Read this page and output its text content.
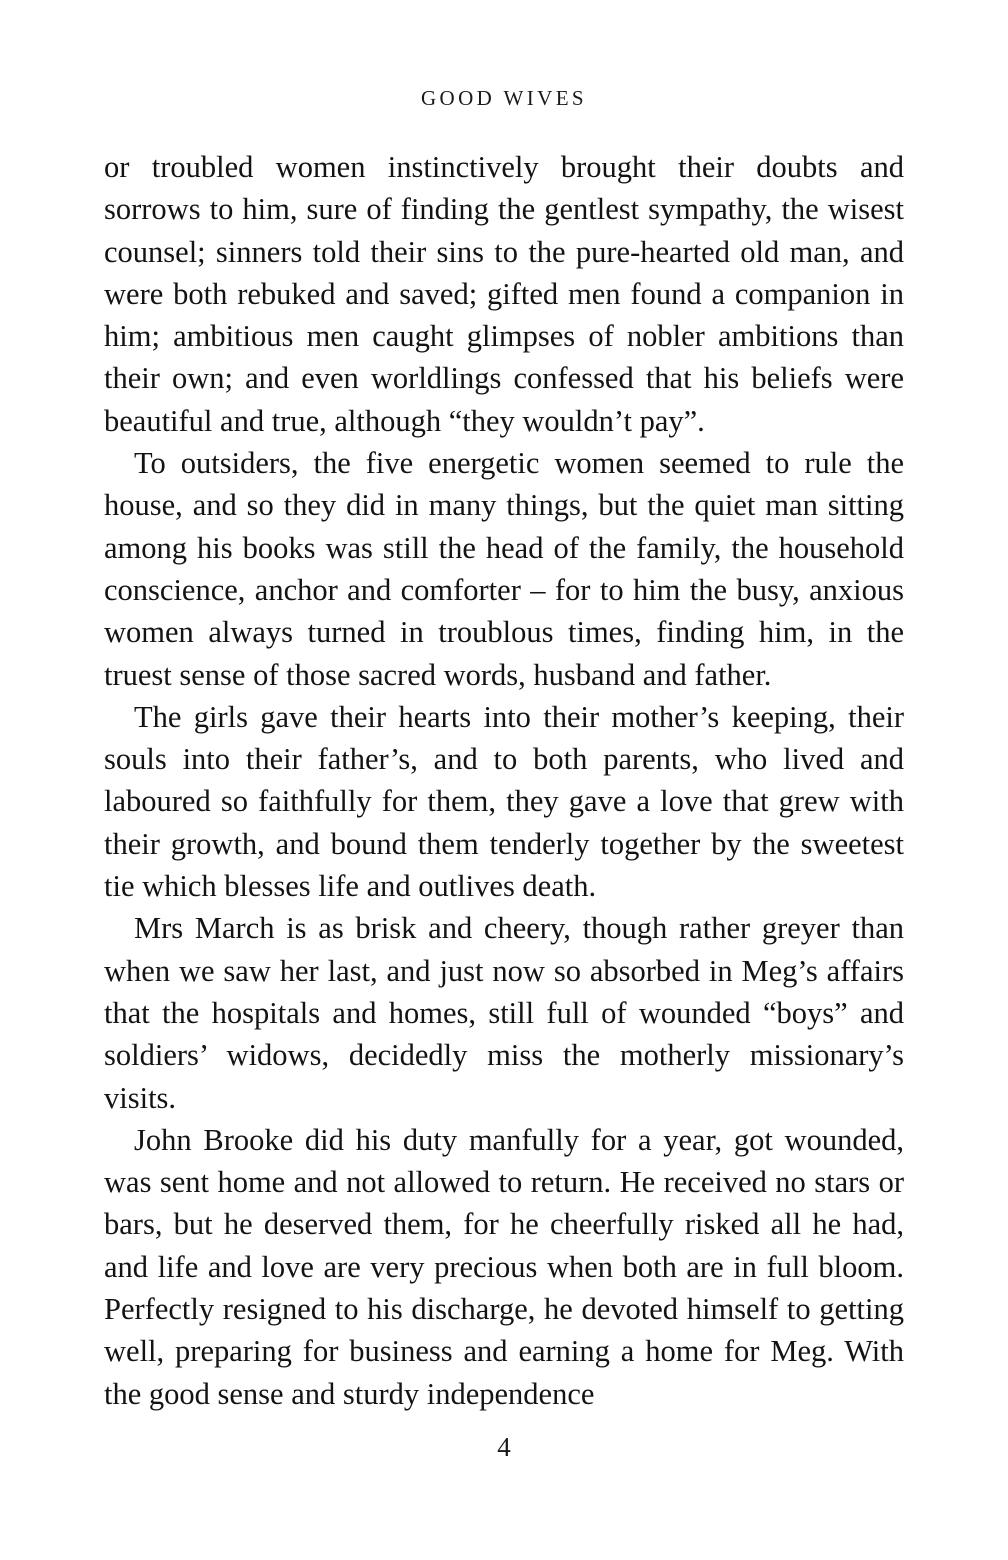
GOOD WIVES

or troubled women instinctively brought their doubts and sorrows to him, sure of finding the gentlest sympathy, the wisest counsel; sinners told their sins to the pure-hearted old man, and were both rebuked and saved; gifted men found a companion in him; ambitious men caught glimpses of nobler ambitions than their own; and even worldlings confessed that his beliefs were beautiful and true, although “they wouldn’t pay”.

To outsiders, the five energetic women seemed to rule the house, and so they did in many things, but the quiet man sitting among his books was still the head of the family, the household conscience, anchor and comforter – for to him the busy, anxious women always turned in troublous times, finding him, in the truest sense of those sacred words, husband and father.

The girls gave their hearts into their mother’s keeping, their souls into their father’s, and to both parents, who lived and laboured so faithfully for them, they gave a love that grew with their growth, and bound them tenderly together by the sweetest tie which blesses life and outlives death.

Mrs March is as brisk and cheery, though rather greyer than when we saw her last, and just now so absorbed in Meg’s affairs that the hospitals and homes, still full of wounded “boys” and soldiers’ widows, decidedly miss the motherly missionary’s visits.

John Brooke did his duty manfully for a year, got wounded, was sent home and not allowed to return. He received no stars or bars, but he deserved them, for he cheerfully risked all he had, and life and love are very precious when both are in full bloom. Perfectly resigned to his discharge, he devoted himself to getting well, preparing for business and earning a home for Meg. With the good sense and sturdy independence

4
